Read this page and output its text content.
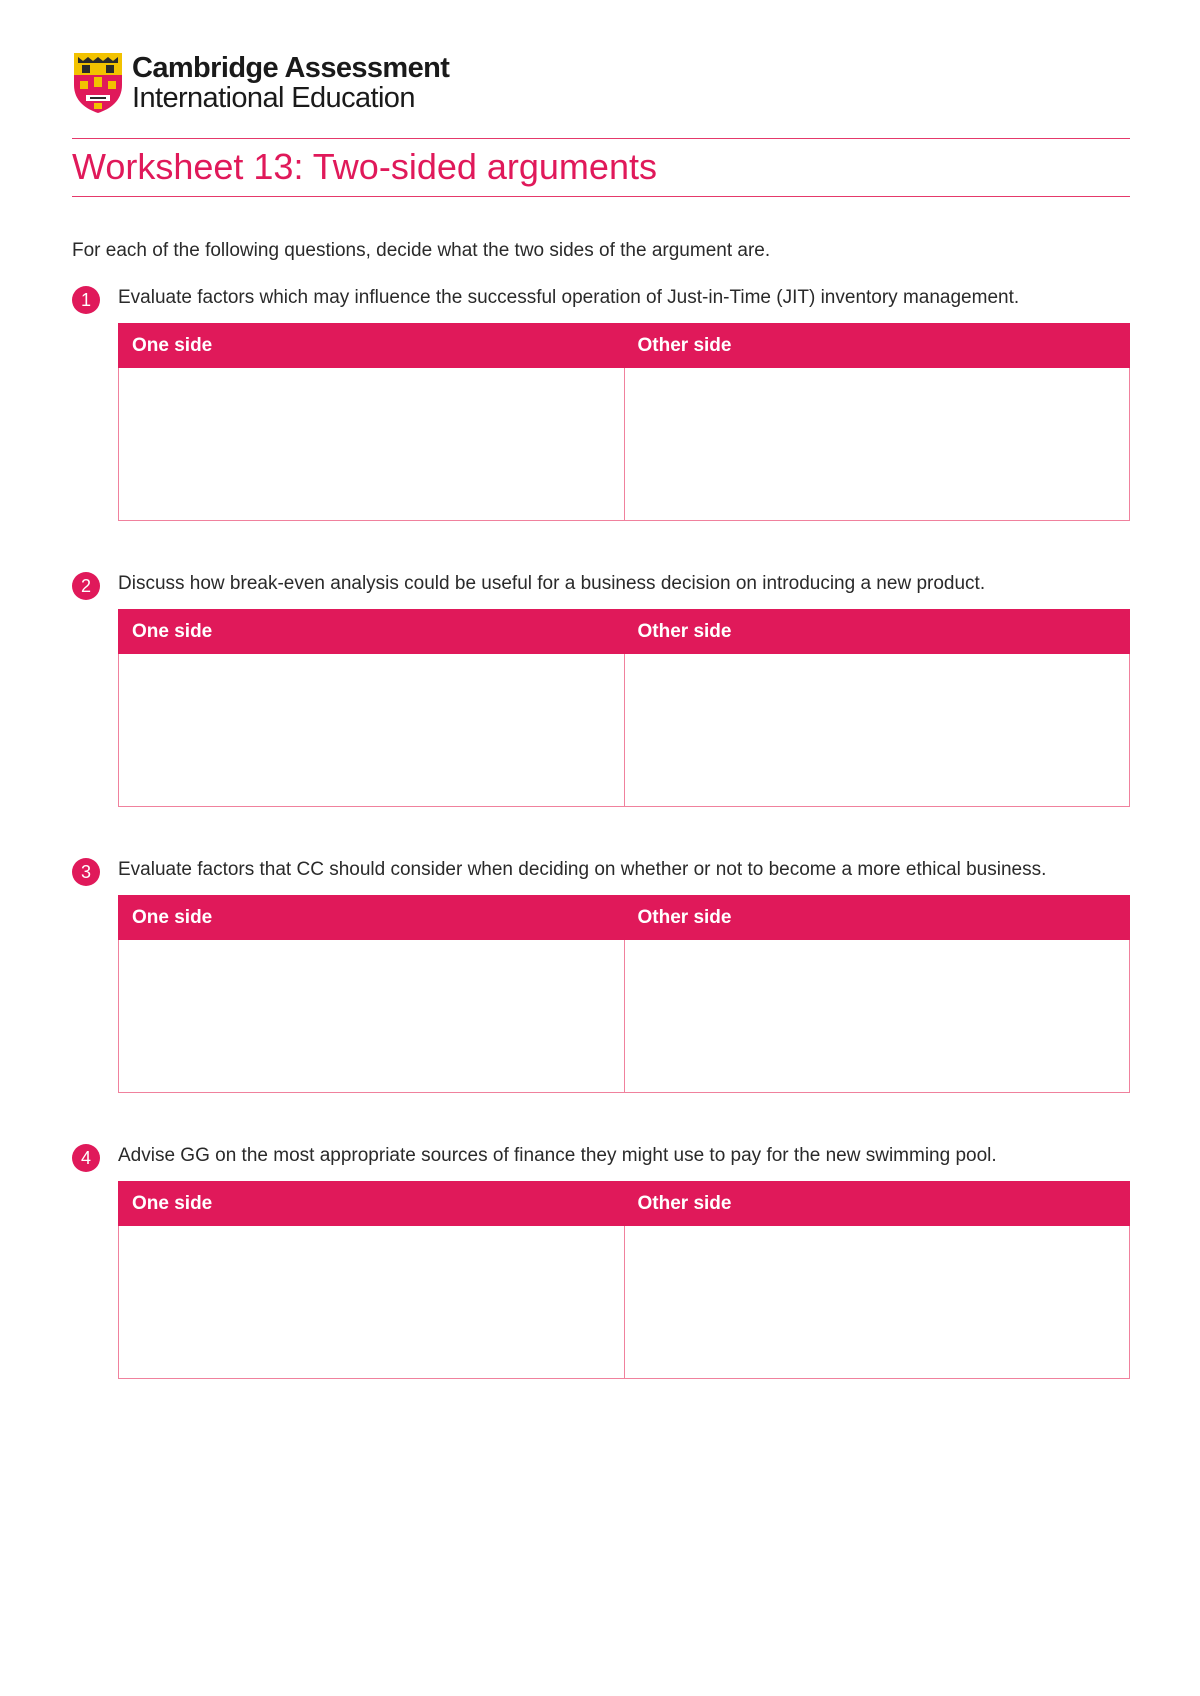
Cambridge Assessment
International Education
Worksheet 13: Two-sided arguments
For each of the following questions, decide what the two sides of the argument are.
1	Evaluate factors which may influence the successful operation of Just-in-Time (JIT) inventory management.
One side	Other side

2	Discuss how break-even analysis could be useful for a business decision on introducing a new product.
One side	Other side

3	Evaluate factors that CC should consider when deciding on whether or not to become a more ethical business.
One side	Other side

4	Advise GG on the most appropriate sources of finance they might use to pay for the new swimming pool.
One side	Other side
